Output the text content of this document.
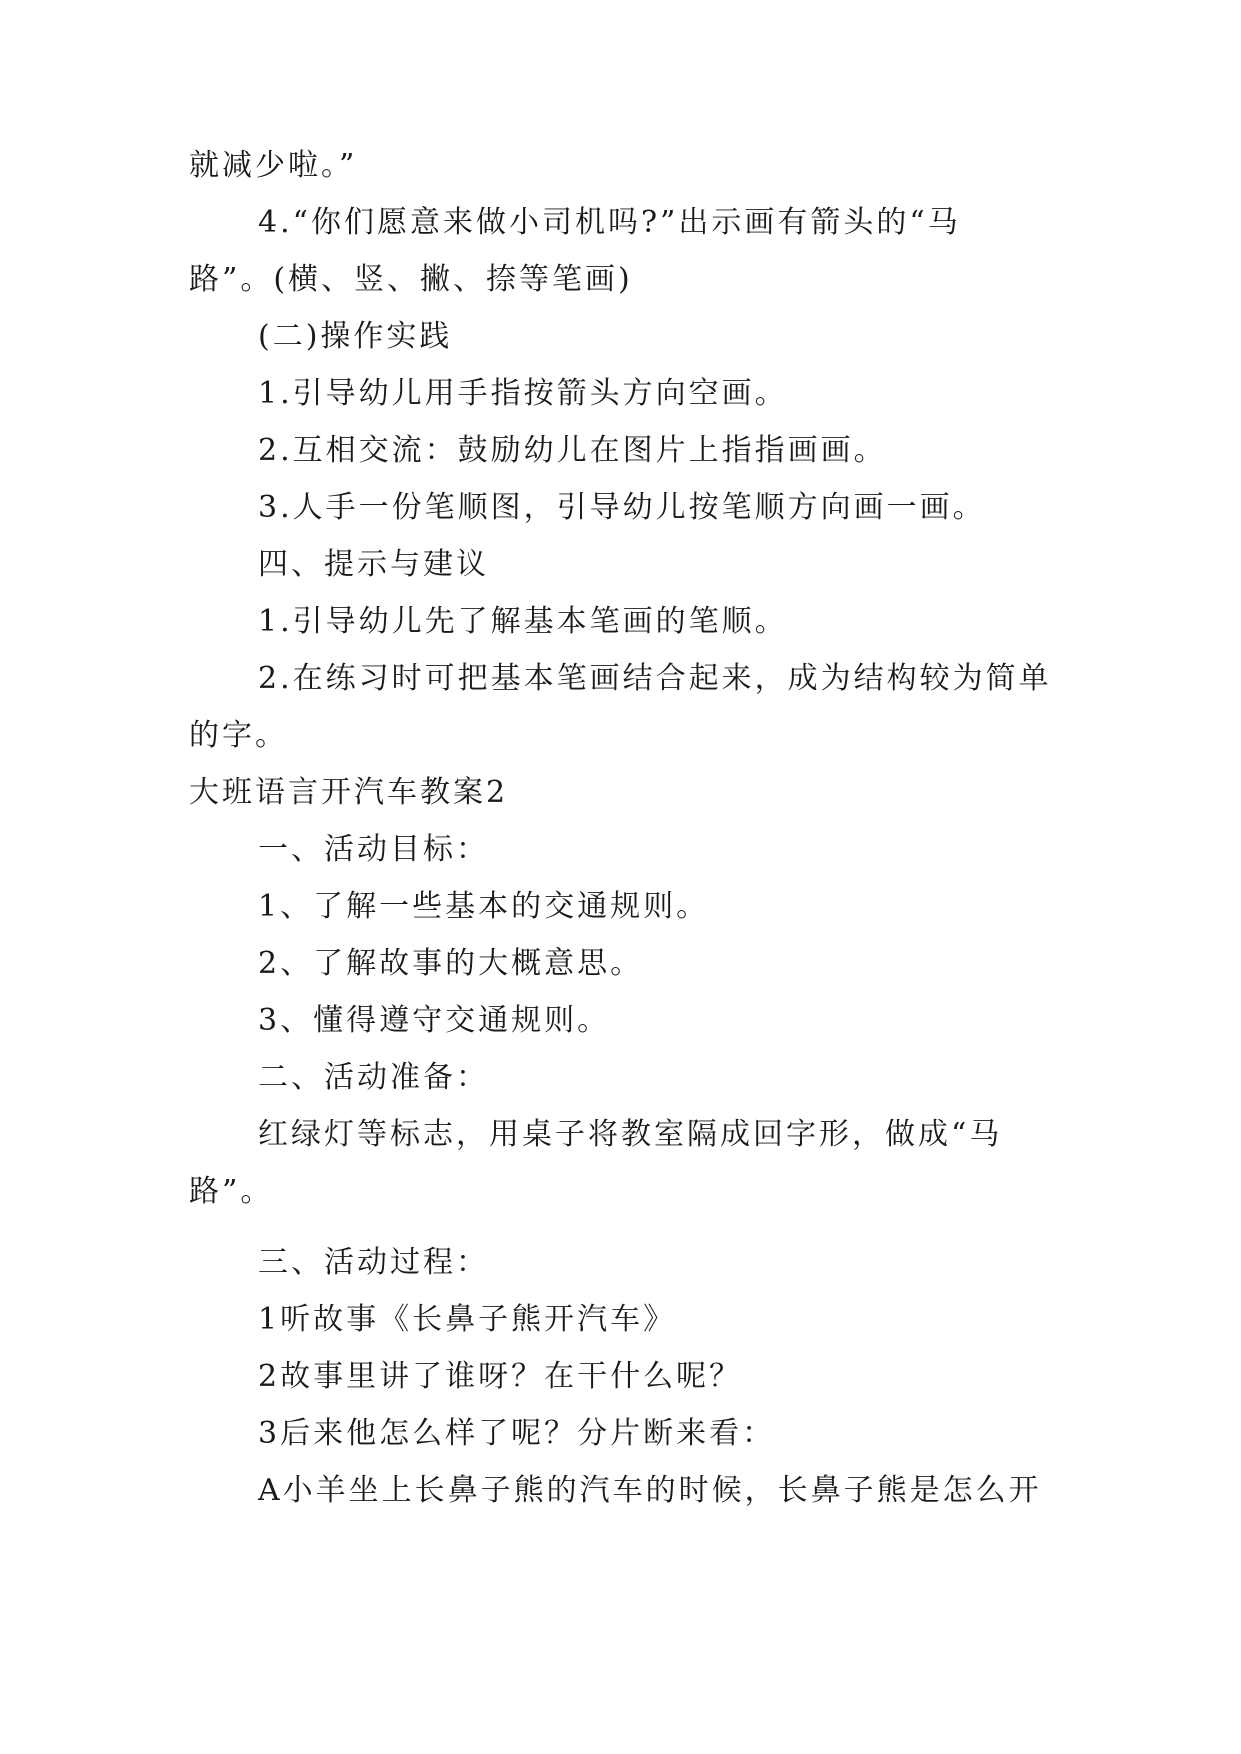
就减少啦。”
4.“你们愿意来做小司机吗?”出示画有箭头的“马
路”。(横、竖、撇、捺等笔画)
(二)操作实践
1.引导幼儿用手指按箭头方向空画。
2.互相交流：鼓励幼儿在图片上指指画画。
3.人手一份笔顺图，引导幼儿按笔顺方向画一画。
四、提示与建议
1.引导幼儿先了解基本笔画的笔顺。
2.在练习时可把基本笔画结合起来，成为结构较为简单
的字。
大班语言开汽车教案2
一、活动目标：
1、了解一些基本的交通规则。
2、了解故事的大概意思。
3、懂得遵守交通规则。
二、活动准备：
红绿灯等标志，用桌子将教室隔成回字形，做成“马
路”。
三、活动过程：
1听故事《长鼻子熊开汽车》
2故事里讲了谁呀？在干什么呢？
3后来他怎么样了呢？分片断来看：
A小羊坐上长鼻子熊的汽车的时候，长鼻子熊是怎么开
